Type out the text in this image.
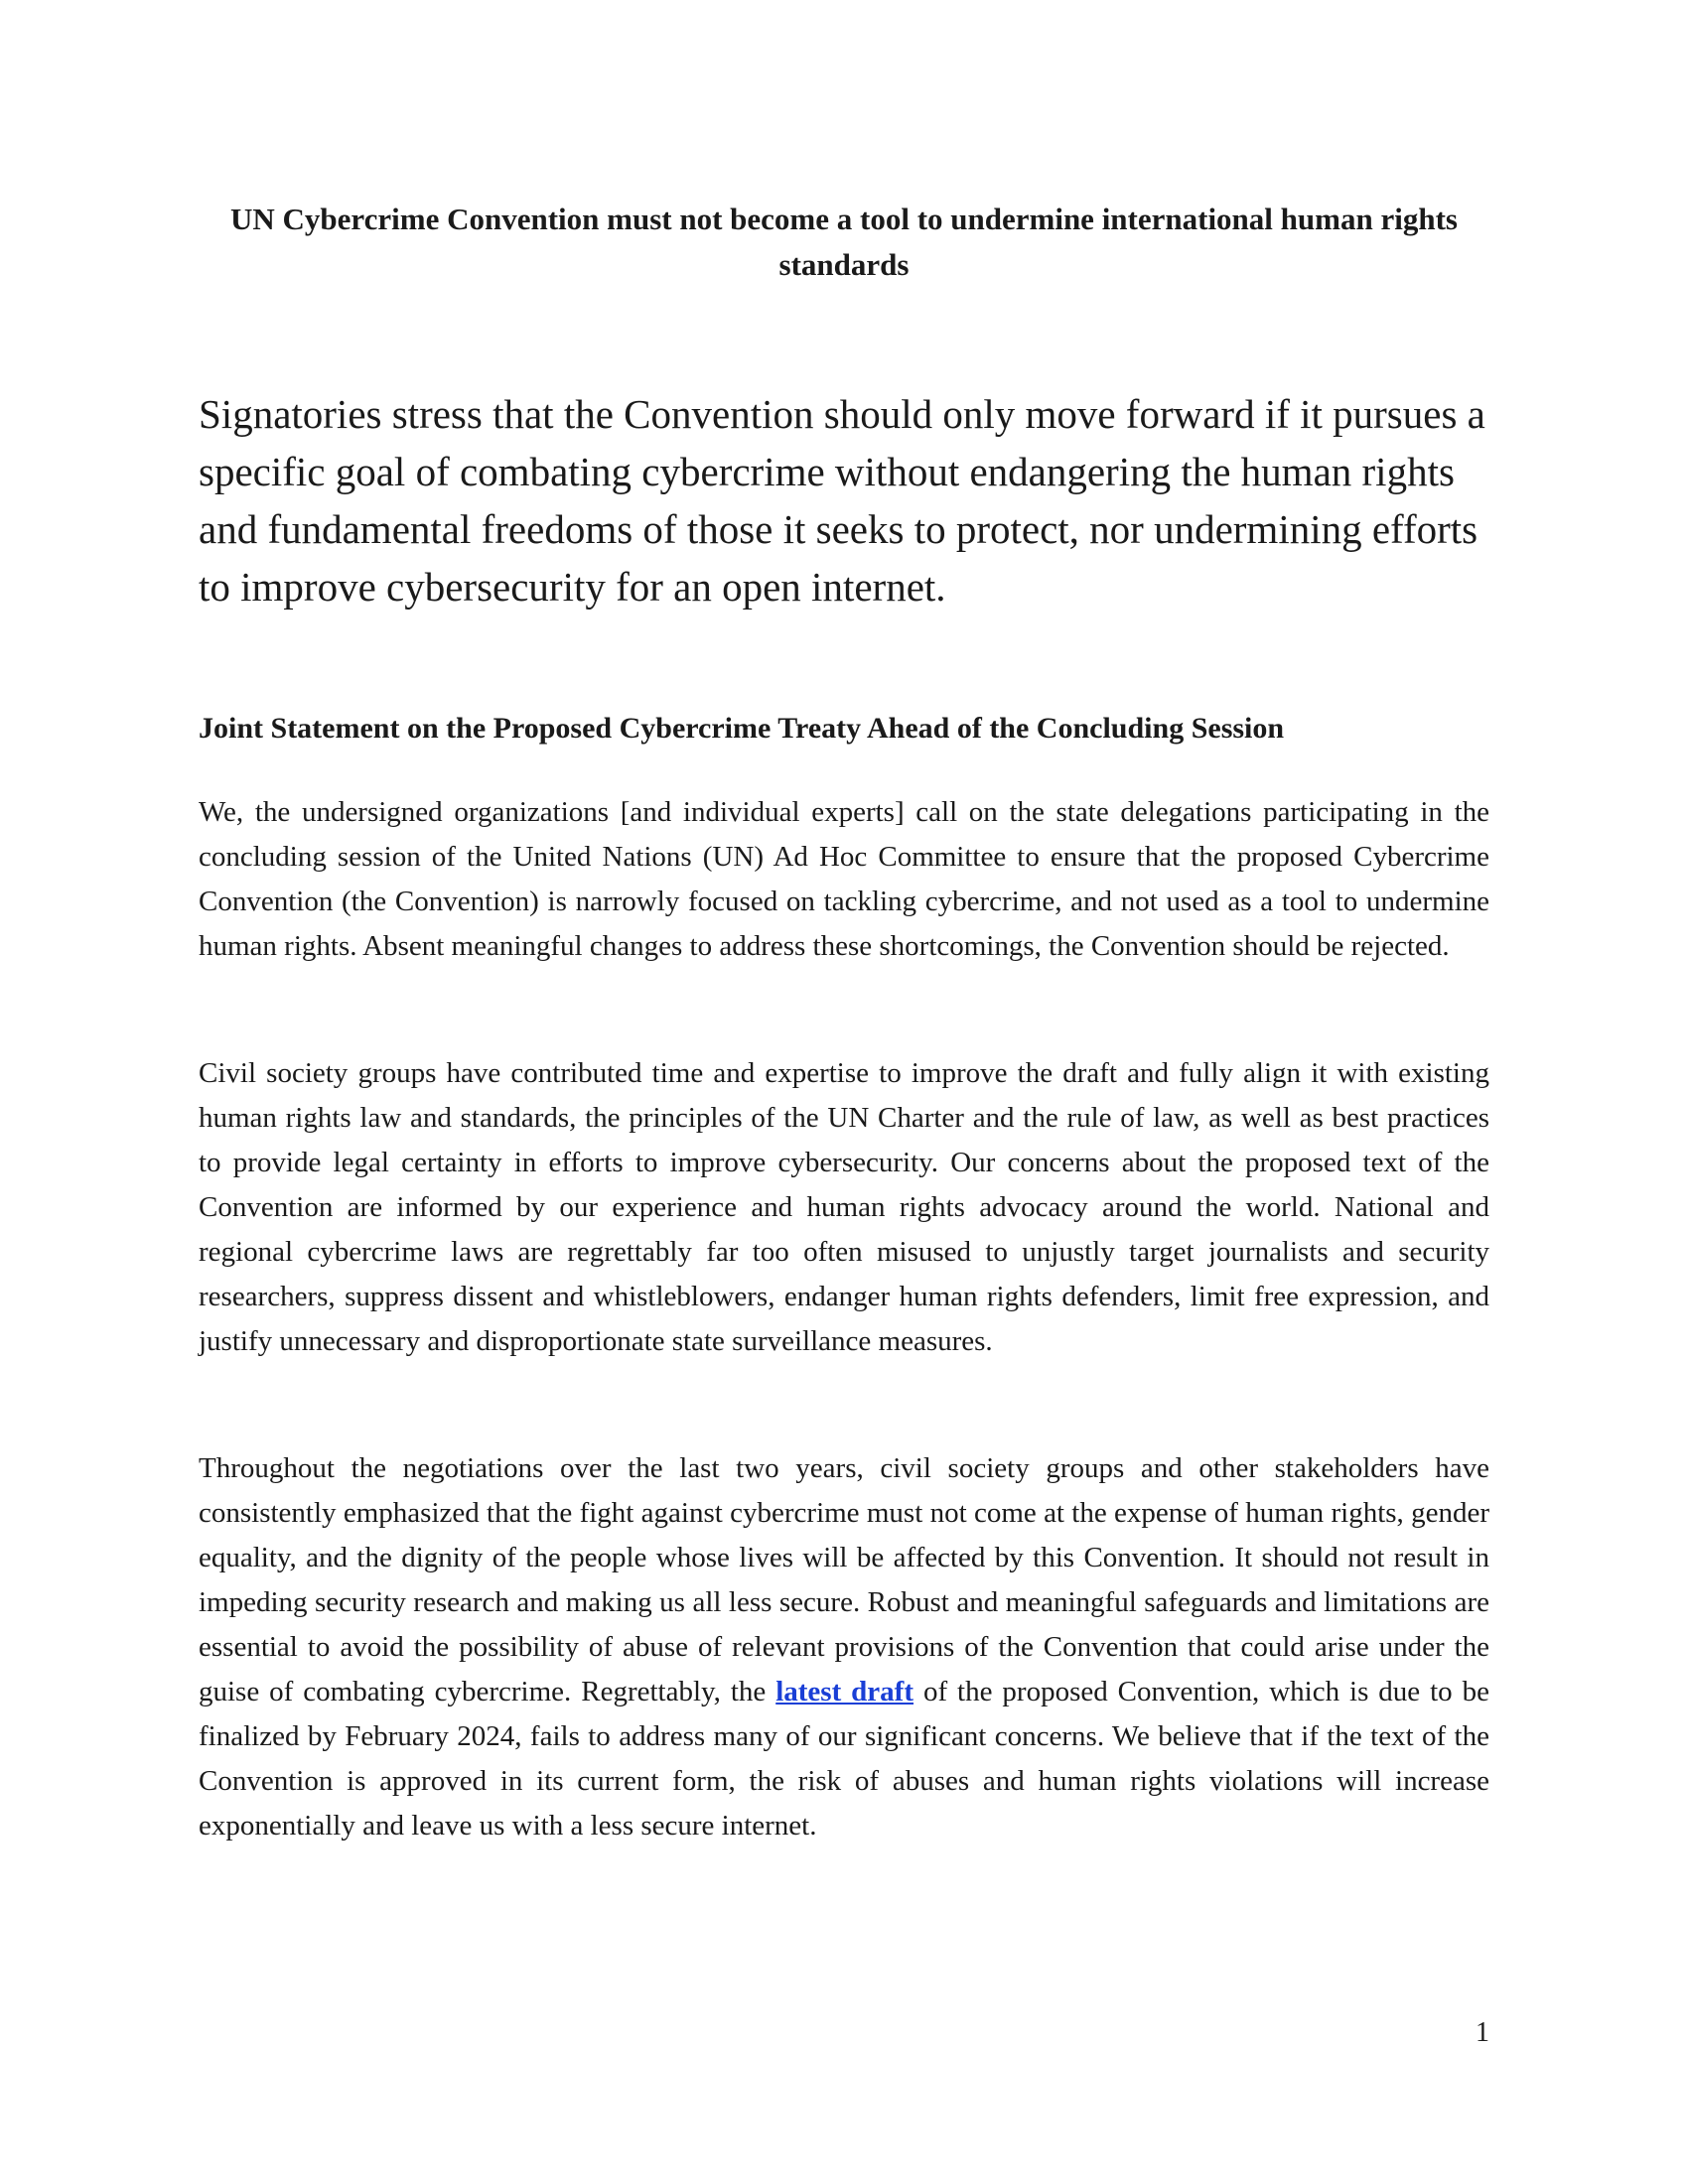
UN Cybercrime Convention must not become a tool to undermine international human rights standards

Signatories stress that the Convention should only move forward if it pursues a specific goal of combating cybercrime without endangering the human rights and fundamental freedoms of those it seeks to protect, nor undermining efforts to improve cybersecurity for an open internet.

Joint Statement on the Proposed Cybercrime Treaty Ahead of the Concluding Session

We, the undersigned organizations [and individual experts] call on the state delegations participating in the concluding session of the United Nations (UN) Ad Hoc Committee to ensure that the proposed Cybercrime Convention (the Convention) is narrowly focused on tackling cybercrime, and not used as a tool to undermine human rights. Absent meaningful changes to address these shortcomings, the Convention should be rejected.

Civil society groups have contributed time and expertise to improve the draft and fully align it with existing human rights law and standards, the principles of the UN Charter and the rule of law, as well as best practices to provide legal certainty in efforts to improve cybersecurity. Our concerns about the proposed text of the Convention are informed by our experience and human rights advocacy around the world. National and regional cybercrime laws are regrettably far too often misused to unjustly target journalists and security researchers, suppress dissent and whistleblowers, endanger human rights defenders, limit free expression, and justify unnecessary and disproportionate state surveillance measures.

Throughout the negotiations over the last two years, civil society groups and other stakeholders have consistently emphasized that the fight against cybercrime must not come at the expense of human rights, gender equality, and the dignity of the people whose lives will be affected by this Convention. It should not result in impeding security research and making us all less secure. Robust and meaningful safeguards and limitations are essential to avoid the possibility of abuse of relevant provisions of the Convention that could arise under the guise of combating cybercrime. Regrettably, the latest draft of the proposed Convention, which is due to be finalized by February 2024, fails to address many of our significant concerns. We believe that if the text of the Convention is approved in its current form, the risk of abuses and human rights violations will increase exponentially and leave us with a less secure internet.

1
